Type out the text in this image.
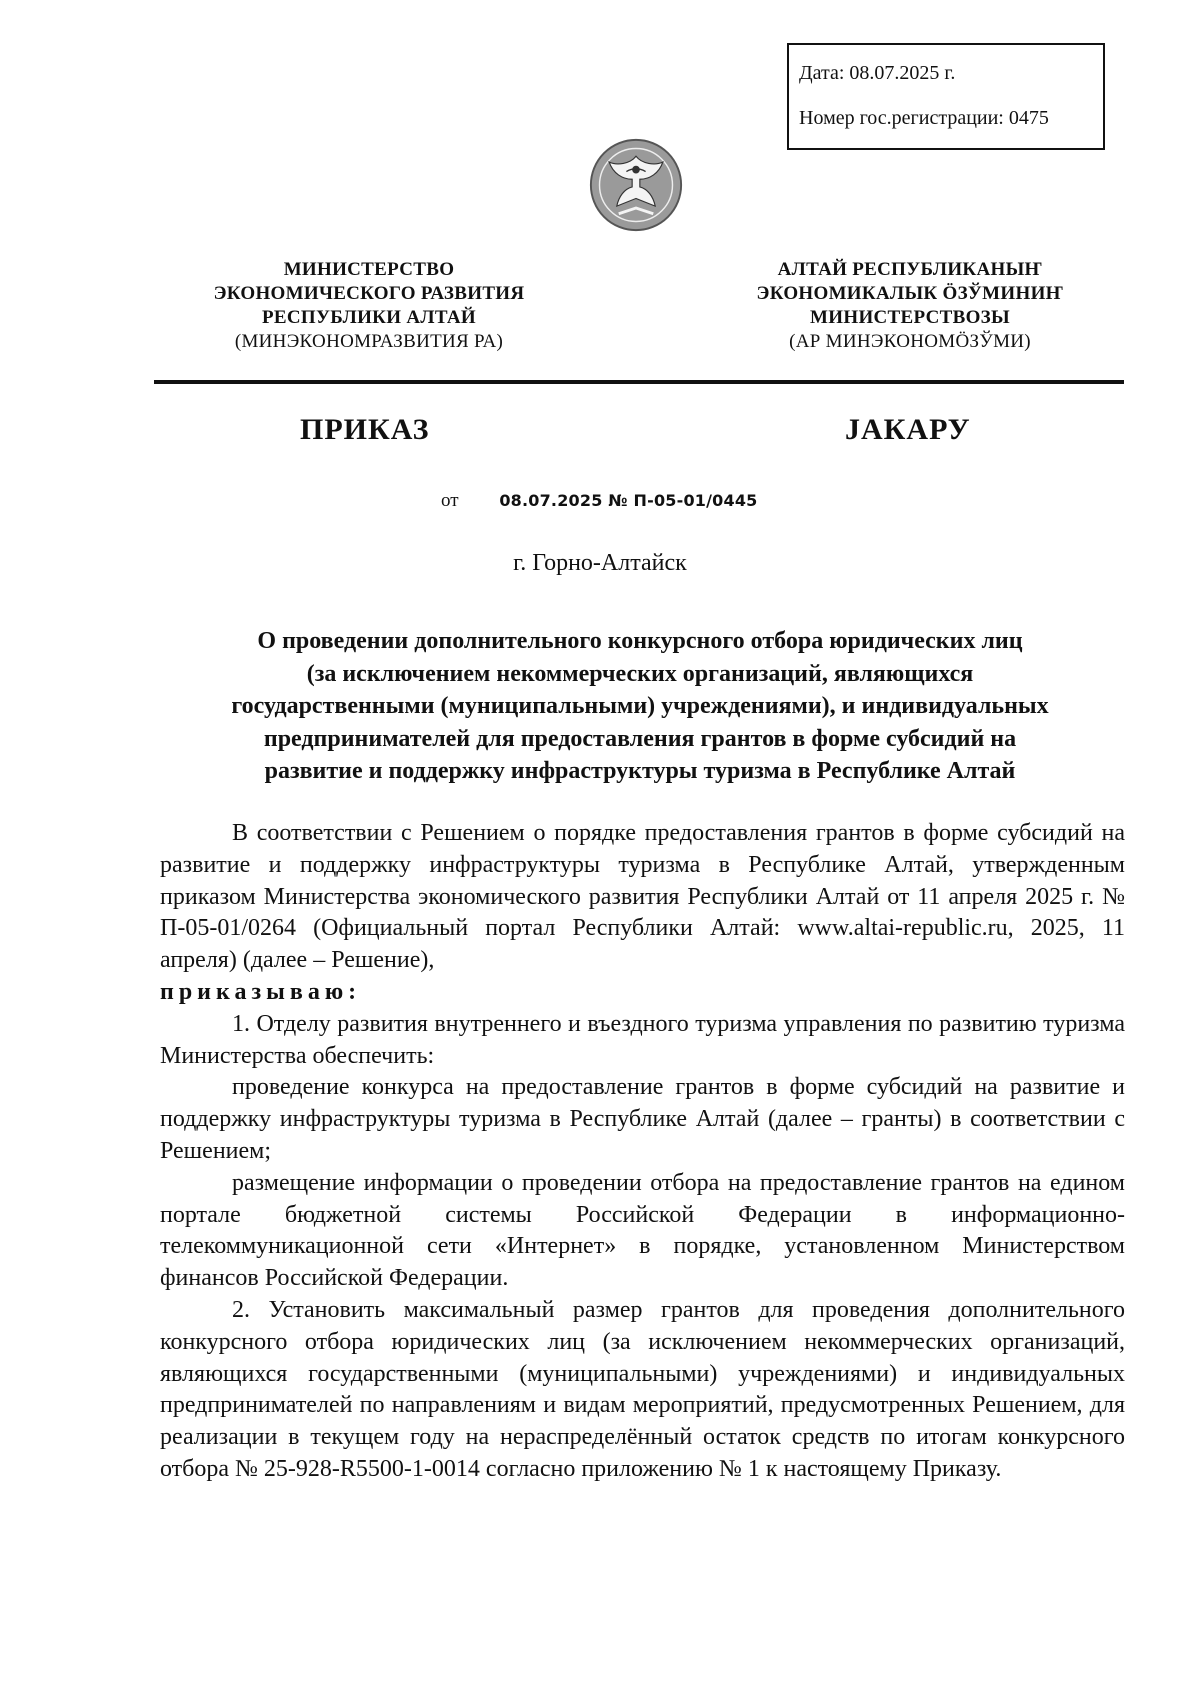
Дата: 08.07.2025 г.
Номер гос.регистрации: 0475
МИНИСТЕРСТВО
ЭКОНОМИЧЕСКОГО РАЗВИТИЯ
РЕСПУБЛИКИ АЛТАЙ
(МИНЭКОНОМРАЗВИТИЯ РА)
АЛТАЙ РЕСПУБЛИКАНЫҤ
ЭКОНОМИКАЛЫК ÖЗЎМИНИҤ
МИНИСТЕРСТВОЗЫ
(АР МИНЭКОНОМÖЗЎМИ)
ПРИКАЗ	JАКАРУ
от	08.07.2025 № П-05-01/0445
г. Горно-Алтайск
О проведении дополнительного конкурсного отбора юридических лиц
(за исключением некоммерческих организаций, являющихся
государственными (муниципальными) учреждениями), и индивидуальных
предпринимателей для предоставления грантов в форме субсидий на
развитие и поддержку инфраструктуры туризма в Республике Алтай

В соответствии с Решением о порядке предоставления грантов в форме субсидий на развитие и поддержку инфраструктуры туризма в Республике Алтай, утвержденным приказом Министерства экономического развития Республики Алтай от 11 апреля 2025 г. № П-05-01/0264 (Официальный портал Республики Алтай: www.altai-republic.ru, 2025, 11 апреля) (далее – Решение),

приказываю:

1. Отделу развития внутреннего и въездного туризма управления по развитию туризма Министерства обеспечить:

проведение конкурса на предоставление грантов в форме субсидий на развитие и поддержку инфраструктуры туризма в Республике Алтай (далее – гранты) в соответствии с Решением;

размещение информации о проведении отбора на предоставление грантов на едином портале бюджетной системы Российской Федерации в информационно-телекоммуникационной сети «Интернет» в порядке, установленном Министерством финансов Российской Федерации.

2. Установить максимальный размер грантов для проведения дополнительного конкурсного отбора юридических лиц (за исключением некоммерческих организаций, являющихся государственными (муниципальными) учреждениями) и индивидуальных предпринимателей по направлениям и видам мероприятий, предусмотренных Решением, для реализации в текущем году на нераспределённый остаток средств по итогам конкурсного отбора № 25-928-R5500-1-0014 согласно приложению № 1 к настоящему Приказу.
